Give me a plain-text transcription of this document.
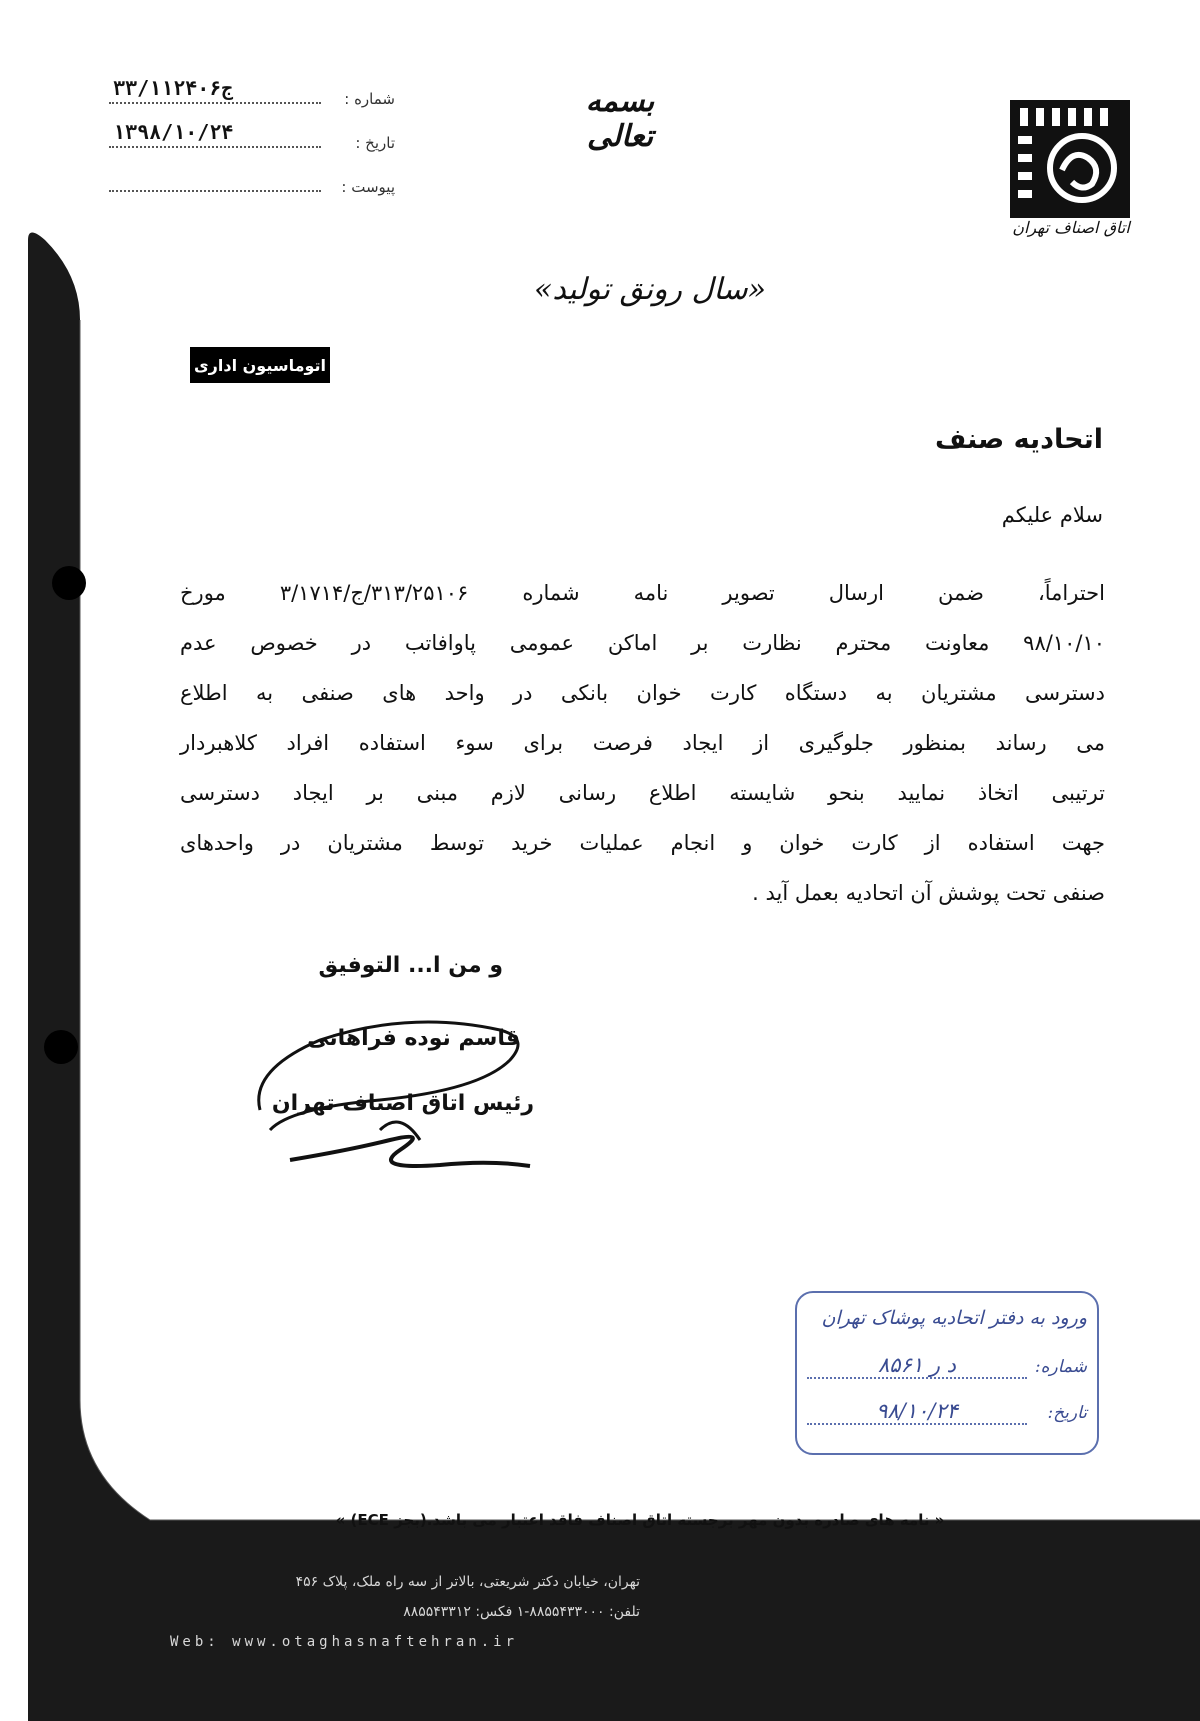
شماره :
۳۳/۱۱۲۴۰۶ج
تاریخ :
۱۳۹۸/۱۰/۲۴
پیوست :
بسمه تعالی
اتاق اصناف تهران
«سال رونق تولید»
اتوماسیون اداری
اتحادیه صنف
سلام علیکم
احتراماً، ضمن ارسال تصویر نامه شماره ۳۱۳/۲۵۱۰۶/ج/۳/۱۷۱۴ مورخ
۹۸/۱۰/۱۰ معاونت محترم نظارت بر اماکن عمومی پاوافاتب در خصوص عدم
دسترسی مشتریان به دستگاه کارت خوان بانکی در واحد های صنفی به اطلاع
می رساند بمنظور جلوگیری از ایجاد فرصت برای سوء استفاده افراد کلاهبردار
ترتیبی اتخاذ نمایید بنحو شایسته اطلاع رسانی لازم مبنی بر ایجاد دسترسی
جهت استفاده از کارت خوان و انجام عملیات خرید توسط مشتریان در واحدهای
صنفی تحت پوشش آن اتحادیه بعمل آید .
و من ا... التوفیق
قاسم نوده فراهانی
رئیس اتاق اصناف تهران
ورود به دفتر اتحادیه پوشاک تهران
شماره:
۸۵۶۱ د ر
تاریخ:
۹۸/۱۰/۲۴
« نامه های صادره بدون مهر برجسته اتاق اصناف فاقد اعتبار می باشد.(بجز ECE) »
تهران، خیابان دکتر شریعتی، بالاتر از سه راه ملک، پلاک ۴۵۶
تلفن: ۸۸۵۵۴۳۳۰۰۰-۱ فکس: ۸۸۵۵۴۳۳۱۲
Web: www.otaghasnaftehran.ir
